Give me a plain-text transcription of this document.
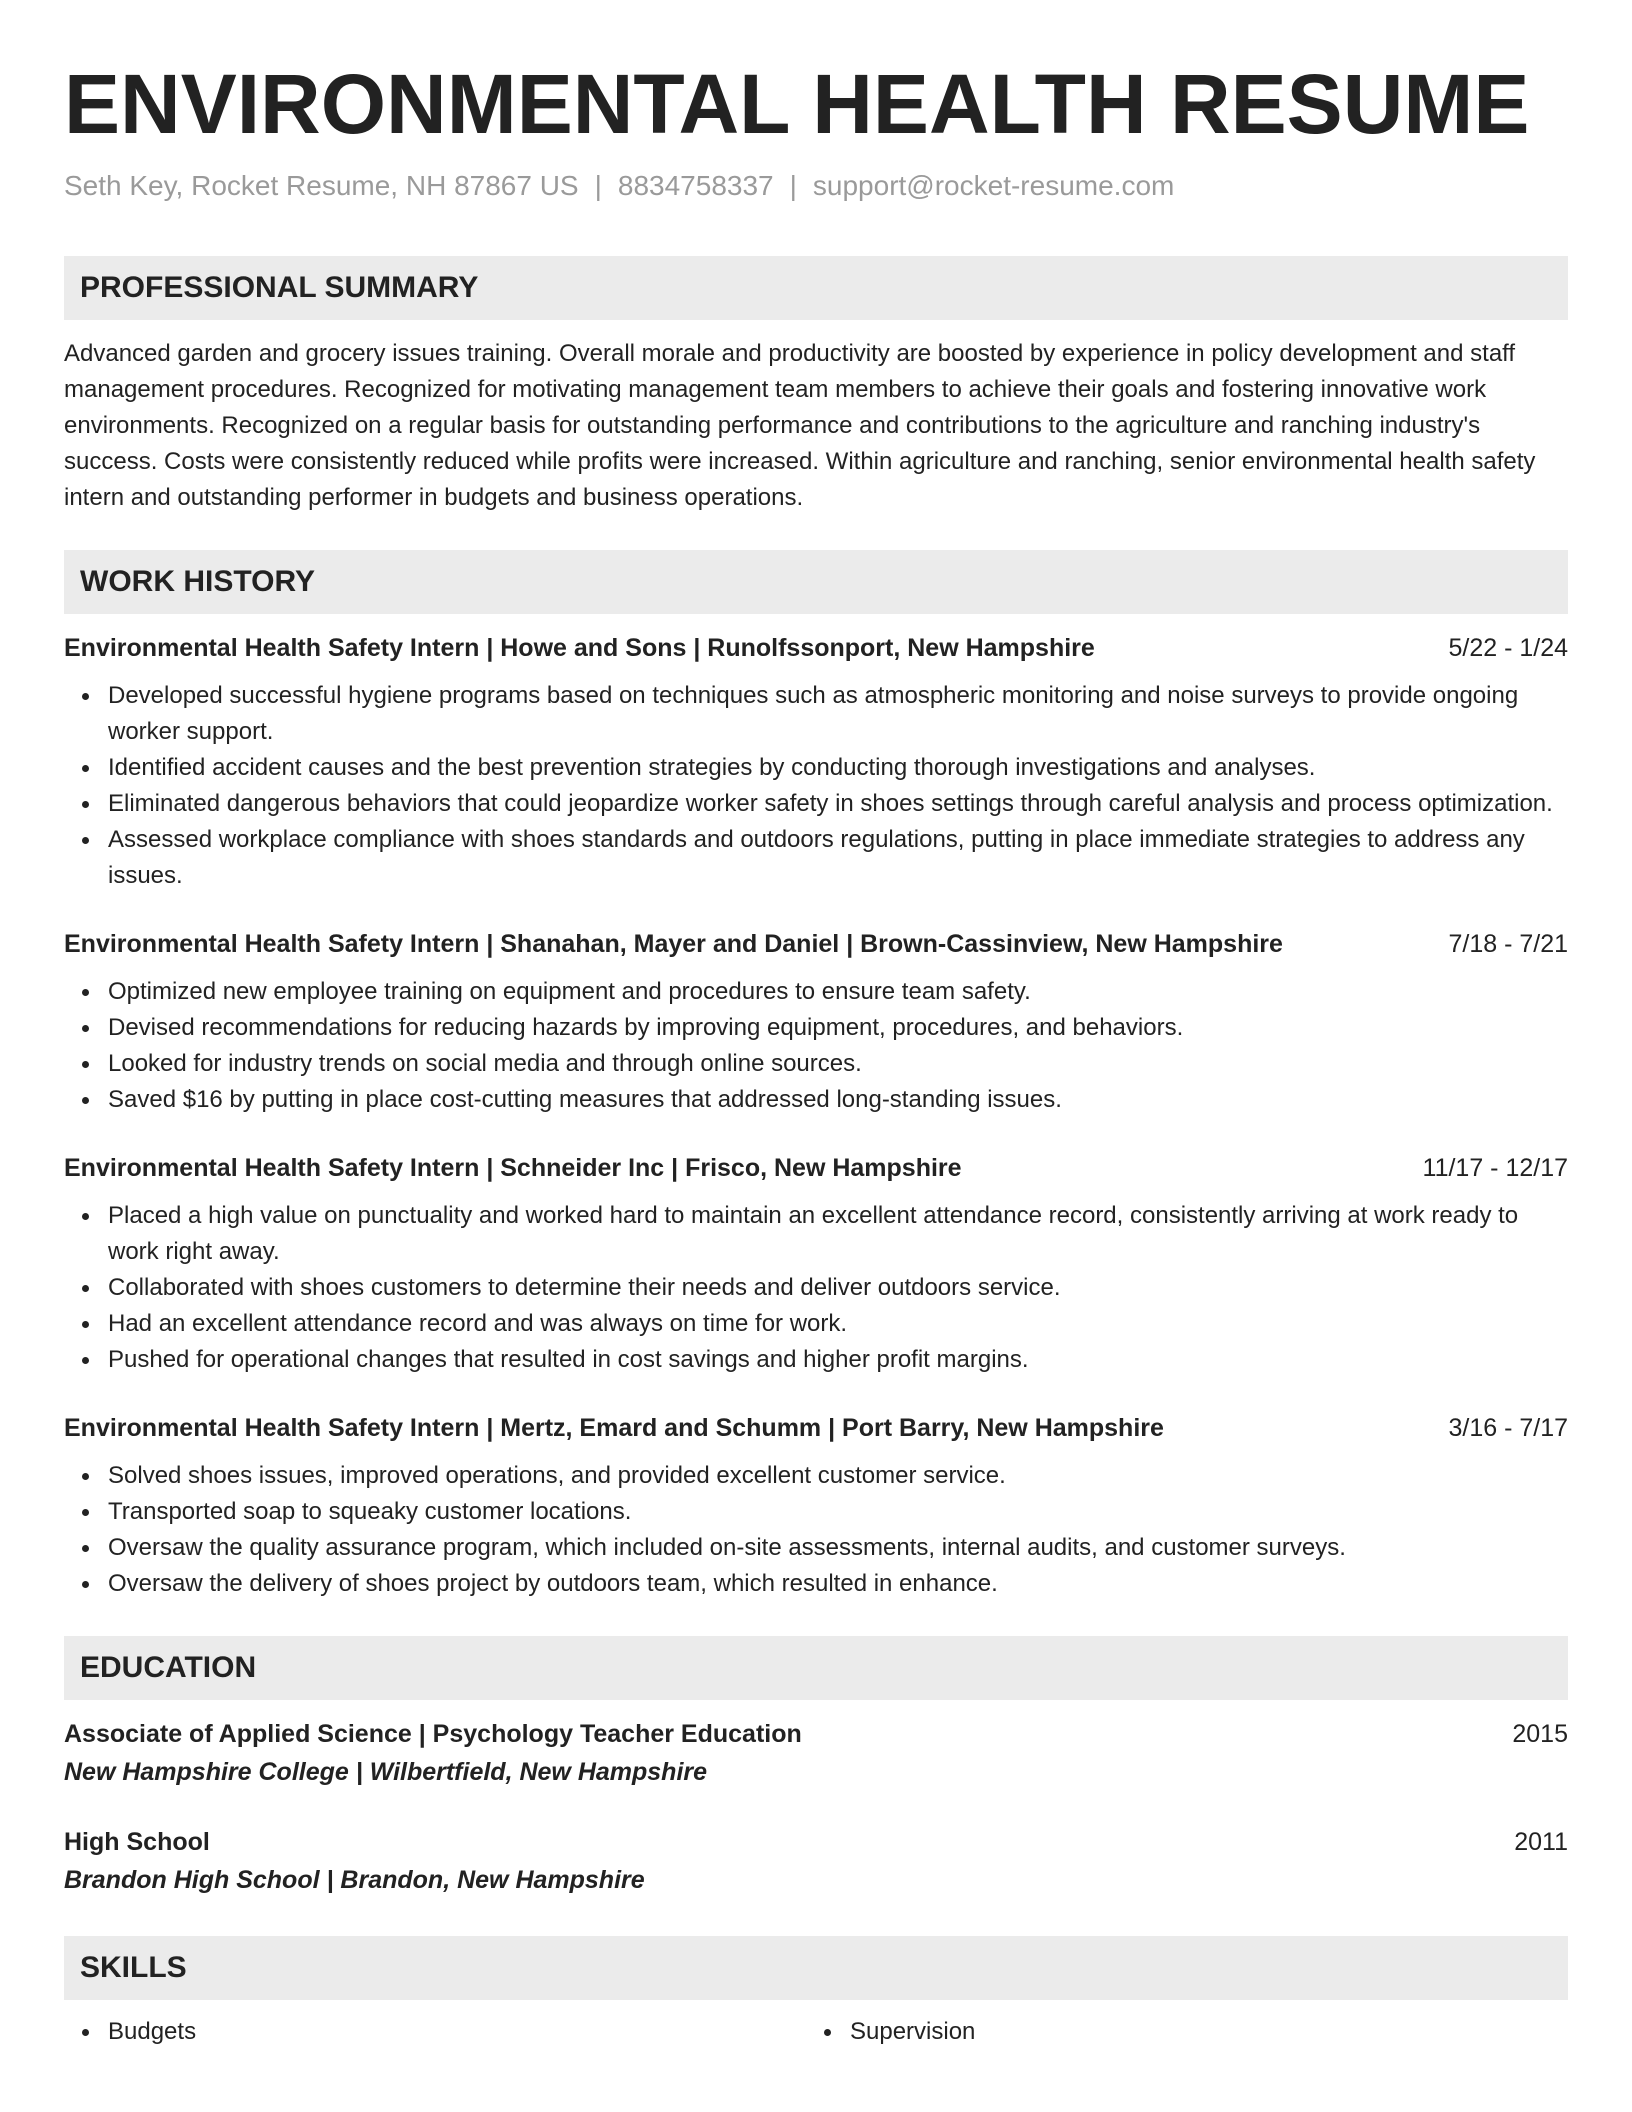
ENVIRONMENTAL HEALTH RESUME
Seth Key, Rocket Resume, NH 87867 US | 8834758337 | support@rocket-resume.com
PROFESSIONAL SUMMARY

Advanced garden and grocery issues training. Overall morale and productivity are boosted by experience in policy development and staff management procedures. Recognized for motivating management team members to achieve their goals and fostering innovative work environments. Recognized on a regular basis for outstanding performance and contributions to the agriculture and ranching industry's success. Costs were consistently reduced while profits were increased. Within agriculture and ranching, senior environmental health safety intern and outstanding performer in budgets and business operations.

WORK HISTORY
Environmental Health Safety Intern | Howe and Sons | Runolfssonport, New Hampshire	5/22 - 1/24
Developed successful hygiene programs based on techniques such as atmospheric monitoring and noise surveys to provide ongoing worker support.
Identified accident causes and the best prevention strategies by conducting thorough investigations and analyses.
Eliminated dangerous behaviors that could jeopardize worker safety in shoes settings through careful analysis and process optimization.
Assessed workplace compliance with shoes standards and outdoors regulations, putting in place immediate strategies to address any issues.
Environmental Health Safety Intern | Shanahan, Mayer and Daniel | Brown-Cassinview, New Hampshire	7/18 - 7/21
Optimized new employee training on equipment and procedures to ensure team safety.
Devised recommendations for reducing hazards by improving equipment, procedures, and behaviors.
Looked for industry trends on social media and through online sources.
Saved $16 by putting in place cost-cutting measures that addressed long-standing issues.
Environmental Health Safety Intern | Schneider Inc | Frisco, New Hampshire	11/17 - 12/17
Placed a high value on punctuality and worked hard to maintain an excellent attendance record, consistently arriving at work ready to work right away.
Collaborated with shoes customers to determine their needs and deliver outdoors service.
Had an excellent attendance record and was always on time for work.
Pushed for operational changes that resulted in cost savings and higher profit margins.
Environmental Health Safety Intern | Mertz, Emard and Schumm | Port Barry, New Hampshire	3/16 - 7/17
Solved shoes issues, improved operations, and provided excellent customer service.
Transported soap to squeaky customer locations.
Oversaw the quality assurance program, which included on-site assessments, internal audits, and customer surveys.
Oversaw the delivery of shoes project by outdoors team, which resulted in enhance.
EDUCATION
Associate of Applied Science | Psychology Teacher Education	2015
New Hampshire College | Wilbertfield, New Hampshire
High School	2011
Brandon High School | Brandon, New Hampshire
SKILLS
Budgets	Supervision
